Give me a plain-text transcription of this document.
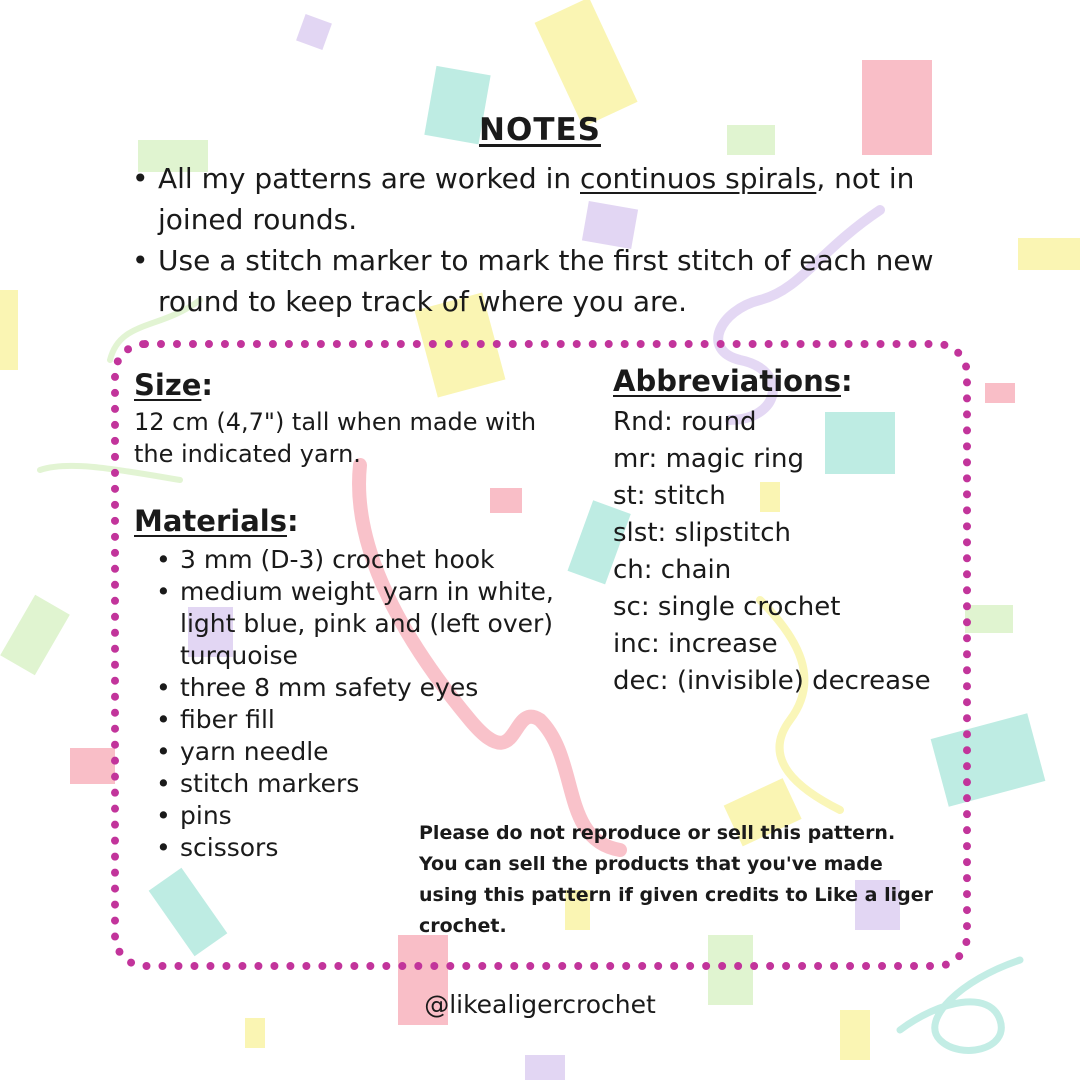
NOTES
• All my patterns are worked in continuos spirals, not in joined rounds.
• Use a stitch marker to mark the first stitch of each new round to keep track of where you are.
Size:
12 cm (4,7") tall when made with the indicated yarn.
Materials:
• 3 mm (D-3) crochet hook
• medium weight yarn in white, light blue, pink and (left over) turquoise
• three 8 mm safety eyes
• fiber fill
• yarn needle
• stitch markers
• pins
• scissors
Abbreviations:
Rnd: round
mr: magic ring
st: stitch
slst: slipstitch
ch: chain
sc: single crochet
inc: increase
dec: (invisible) decrease
Please do not reproduce or sell this pattern. You can sell the products that you've made using this pattern if given credits to Like a liger crochet.
@likealigercrochet
